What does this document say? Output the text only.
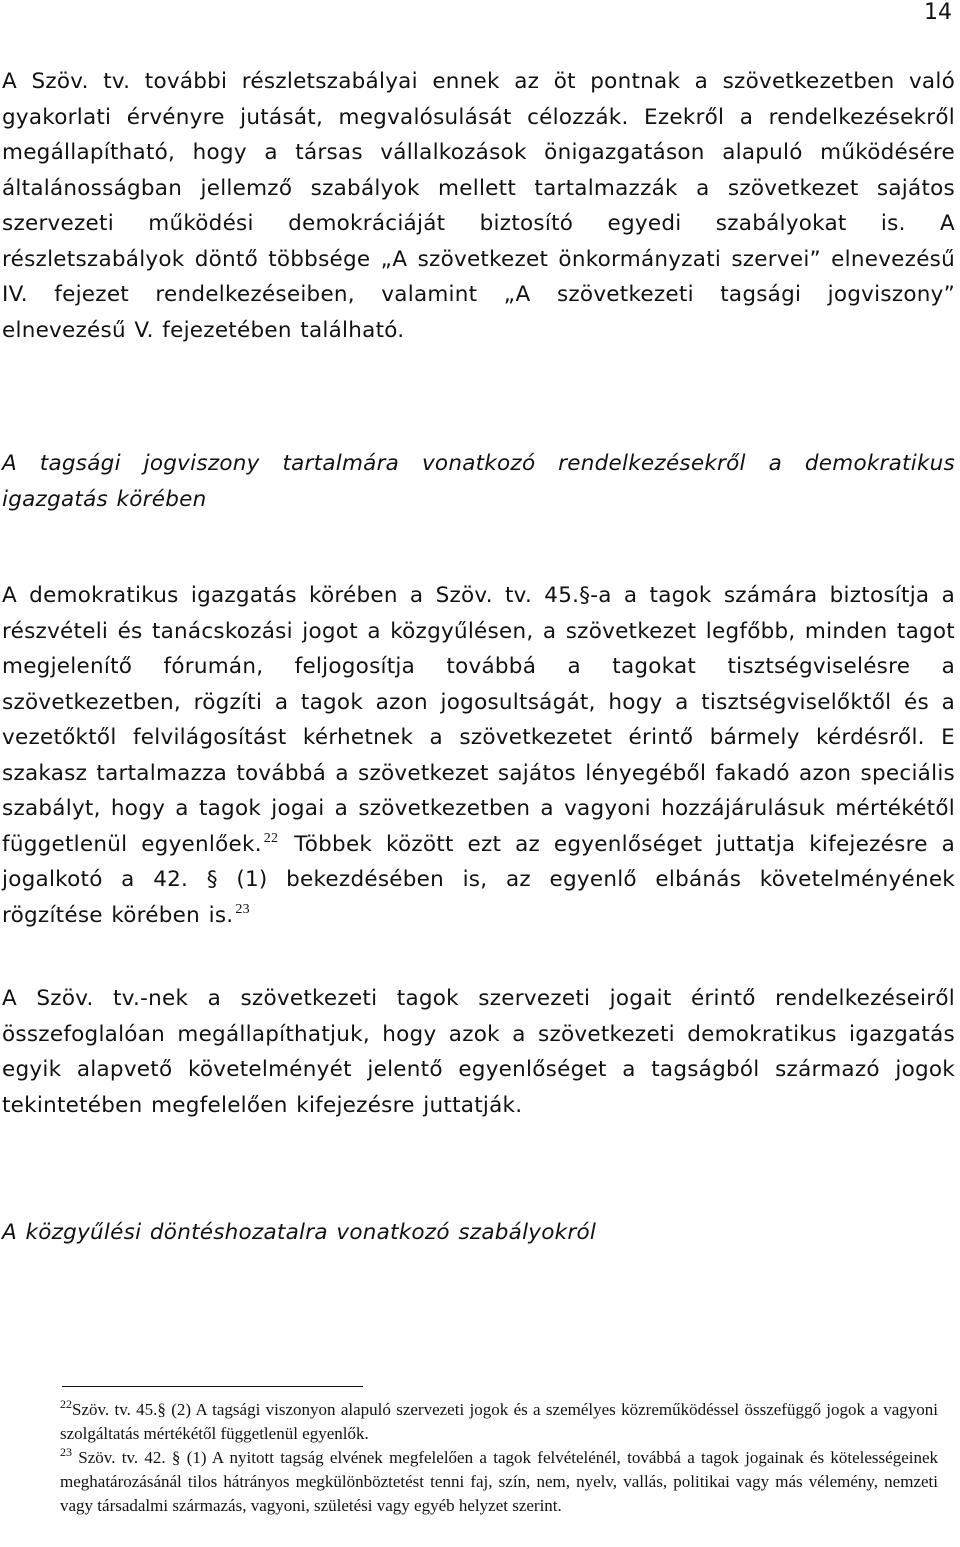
14

A Szöv. tv. további részletszabályai ennek az öt pontnak a szövetkezetben való gyakorlati érvényre jutását, megvalósulását célozzák. Ezekről a rendelkezésekről megállapítható, hogy a társas vállalkozások önigazgatáson alapuló működésére általánosságban jellemző szabályok mellett tartalmazzák a szövetkezet sajátos szervezeti működési demokráciáját biztosító egyedi szabályokat is. A részletszabályok döntő többsége „A szövetkezet önkormányzati szervei” elnevezésű IV. fejezet rendelkezéseiben, valamint „A szövetkezeti tagsági jogviszony” elnevezésű V. fejezetében található.

A tagsági jogviszony tartalmára vonatkozó rendelkezésekről a demokratikus igazgatás körében

A demokratikus igazgatás körében a Szöv. tv. 45.§-a a tagok számára biztosítja a részvételi és tanácskozási jogot a közgyűlésen, a szövetkezet legfőbb, minden tagot megjelenítő fórumán, feljogosítja továbbá a tagokat tisztségviselésre a szövetkezetben, rögzíti a tagok azon jogosultságát, hogy a tisztségviselőktől és a vezetőktől felvilágosítást kérhetnek a szövetkezetet érintő bármely kérdésről. E szakasz tartalmazza továbbá a szövetkezet sajátos lényegéből fakadó azon speciális szabályt, hogy a tagok jogai a szövetkezetben a vagyoni hozzájárulásuk mértékétől függetlenül egyenlőek. $^{22}$ Többek között ezt az egyenlőséget juttatja kifejezésre a jogalkotó a 42. § (1) bekezdésében is, az egyenlő elbánás követelményének rögzítése körében is. $^{23}$

A Szöv. tv.-nek a szövetkezeti tagok szervezeti jogait érintő rendelkezéseiről összefoglalóan megállapíthatjuk, hogy azok a szövetkezeti demokratikus igazgatás egyik alapvető követelményét jelentő egyenlőséget a tagságból származó jogok tekintetében megfelelően kifejezésre juttatják.

A közgyűlési döntéshozatalra vonatkozó szabályokról

$^{22}$Szöv. tv. 45.§ (2) A tagsági viszonyon alapuló szervezeti jogok és a személyes közreműködéssel összefüggő jogok a vagyoni szolgáltatás mértékétől függetlenül egyenlők.

$^{23}$ Szöv. tv. 42. § (1) A nyitott tagság elvének megfelelően a tagok felvételénél, továbbá a tagok jogainak és kötelességeinek meghatározásánál tilos hátrányos megkülönböztetést tenni faj, szín, nem, nyelv, vallás, politikai vagy más vélemény, nemzeti vagy társadalmi származás, vagyoni, születési vagy egyéb helyzet szerint.
